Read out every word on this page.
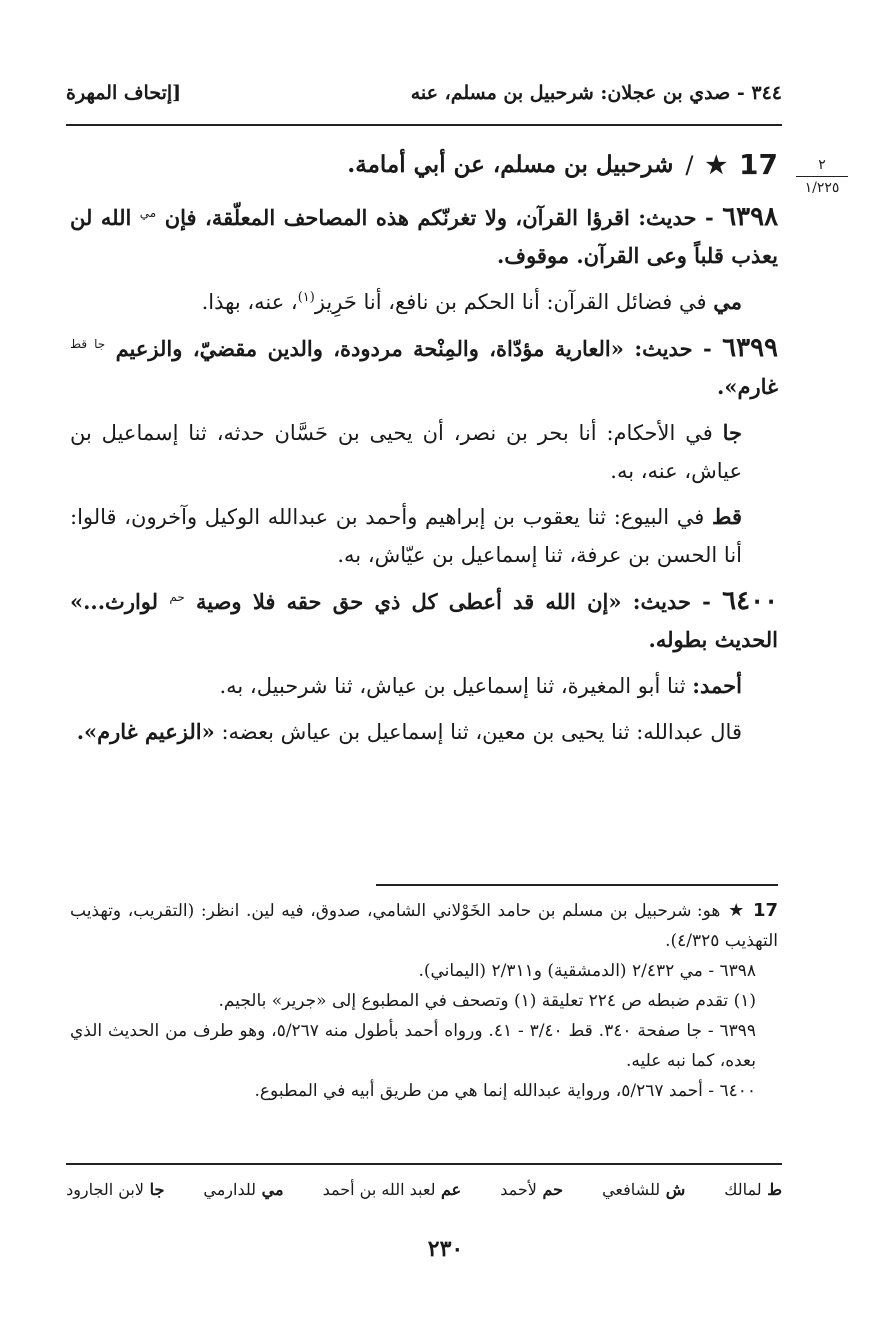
٣٤٤ - صدي بن عجلان: شرحبيل بن مسلم، عنه
[إتحاف المهرة
٢
١/٢٢٥
17
★
/
شرحبيل بن مسلم، عن أبي أمامة.

٦٣٩٨ - حديث: اقرؤا القرآن، ولا تغرنّكم هذه المصاحف المعلّقة، فإن $^{مي}$ الله لن يعذب قلباً وعى القرآن. موقوف.

مي في فضائل القرآن: أنا الحكم بن نافع، أنا حَرِيز$^{(١)}$، عنه، بهذا.

٦٣٩٩ - حديث: «العارية مؤدّاة، والمِنْحة مردودة، والدين مقضيّ، والزعيم $^{جا قط}$ غارم».

جا في الأحكام: أنا بحر بن نصر، أن يحيى بن حَسَّان حدثه، ثنا إسماعيل بن عياش، عنه، به.

قط في البيوع: ثنا يعقوب بن إبراهيم وأحمد بن عبدالله الوكيل وآخرون، قالوا: أنا الحسن بن عرفة، ثنا إسماعيل بن عيّاش، به.

٦٤٠٠ - حديث: «إن الله قد أعطى كل ذي حق حقه فلا وصية $^{حم}$ لوارث...» الحديث بطوله.

أحمد: ثنا أبو المغيرة، ثنا إسماعيل بن عياش، ثنا شرحبيل، به.

قال عبدالله: ثنا يحيى بن معين، ثنا إسماعيل بن عياش بعضه: «الزعيم غارم».

17 ★ هو: شرحبيل بن مسلم بن حامد الخَوْلاني الشامي، صدوق، فيه لين. انظر: (التقريب، وتهذيب التهذيب ٤/٣٢٥).

٦٣٩٨ - مي ٢/٤٣٢ (الدمشقية) و٢/٣١١ (اليماني).

(١) تقدم ضبطه ص ٢٢٤ تعليقة (١) وتصحف في المطبوع إلى «جرير» بالجيم.

٦٣٩٩ - جا صفحة ٣٤٠. قط ٣/٤٠ - ٤١. ورواه أحمد بأطول منه ٥/٢٦٧، وهو طرف من الحديث الذي بعده، كما نبه عليه.

٦٤٠٠ - أحمد ٥/٢٦٧، ورواية عبدالله إنما هي من طريق أبيه في المطبوع.

ط لمالك
ش للشافعي
حم لأحمد
عم لعبد الله بن أحمد
مي للدارمي
جا لابن الجارود
٢٣٠
